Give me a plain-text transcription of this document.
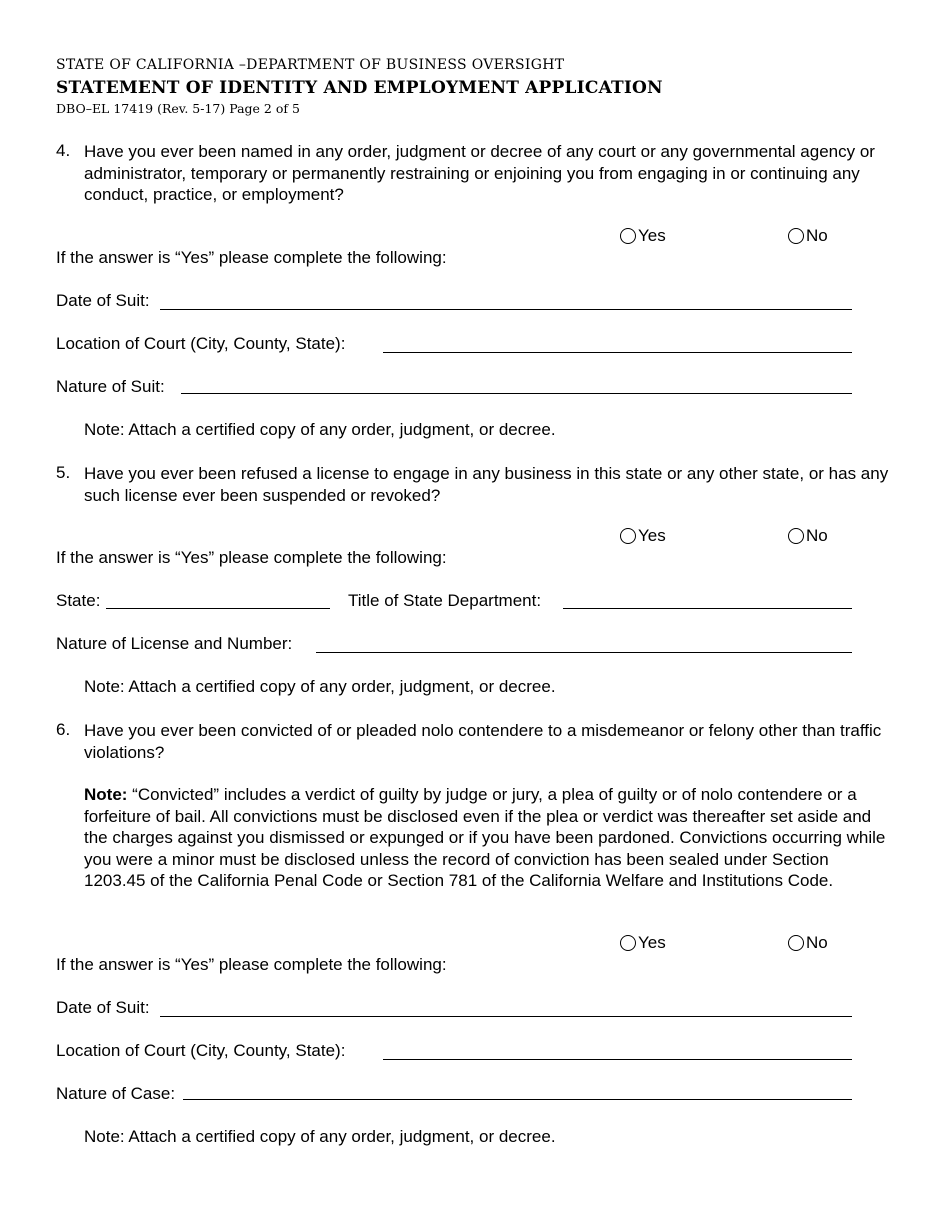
STATE OF CALIFORNIA –DEPARTMENT OF BUSINESS OVERSIGHT
STATEMENT OF IDENTITY AND EMPLOYMENT APPLICATION
DBO–EL 17419 (Rev. 5-17) Page 2 of 5
4. Have you ever been named in any order, judgment or decree of any court or any governmental agency or administrator, temporary or permanently restraining or enjoining you from engaging in or continuing any conduct, practice, or employment?
Yes	No
If the answer is “Yes” please complete the following:
Date of Suit:
Location of Court (City, County, State):
Nature of Suit:
Note: Attach a certified copy of any order, judgment, or decree.
5. Have you ever been refused a license to engage in any business in this state or any other state, or has any such license ever been suspended or revoked?
Yes	No
If the answer is “Yes” please complete the following:
State:	Title of State Department:
Nature of License and Number:
Note: Attach a certified copy of any order, judgment, or decree.
6. Have you ever been convicted of or pleaded nolo contendere to a misdemeanor or felony other than traffic violations?
Note: “Convicted” includes a verdict of guilty by judge or jury, a plea of guilty or of nolo contendere or a forfeiture of bail. All convictions must be disclosed even if the plea or verdict was thereafter set aside and the charges against you dismissed or expunged or if you have been pardoned. Convictions occurring while you were a minor must be disclosed unless the record of conviction has been sealed under Section 1203.45 of the California Penal Code or Section 781 of the California Welfare and Institutions Code.
Yes	No
If the answer is “Yes” please complete the following:
Date of Suit:
Location of Court (City, County, State):
Nature of Case:
Note: Attach a certified copy of any order, judgment, or decree.
